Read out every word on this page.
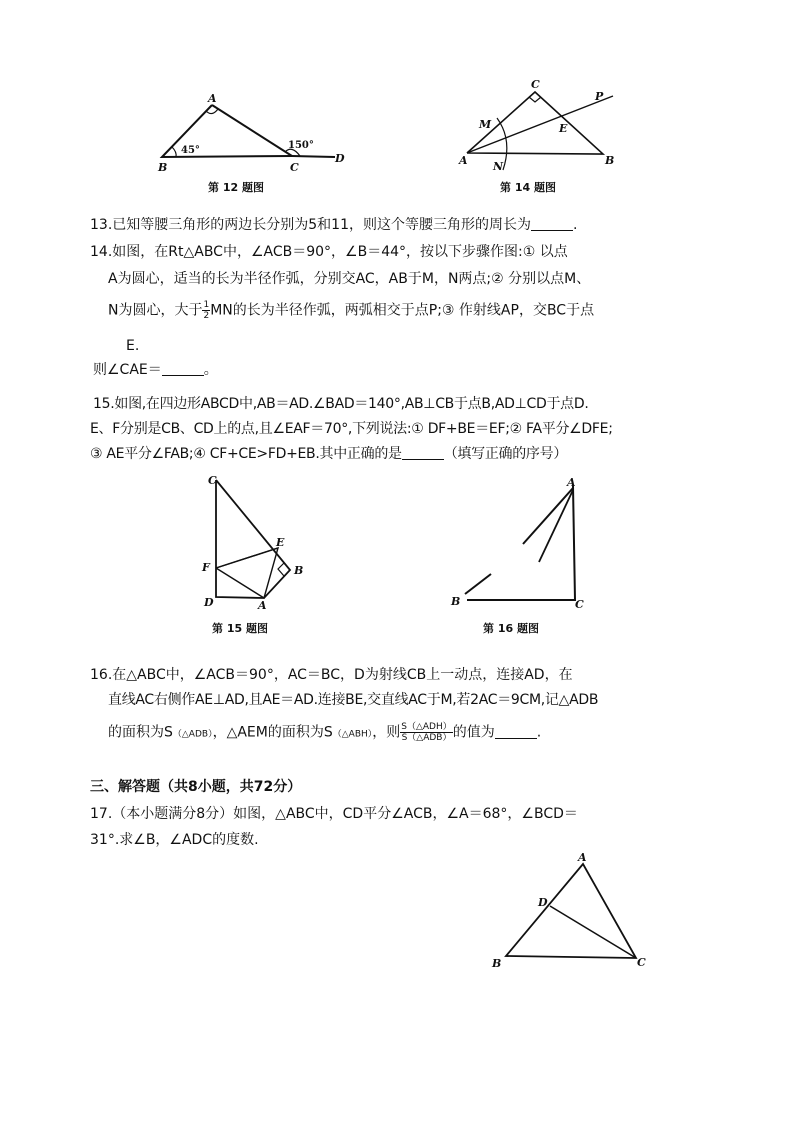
A
B	C
D
45°	150°
第 12 题图
C
P
M	E
A N	B
第 14 题图
13.已知等腰三角形的两边长分别为5和11，则这个等腰三角形的周长为	.
14.如图，在Rt△ABC中，∠ACB＝90°，∠B＝44°，按以下步骤作图:① 以点
A为圆心，适当的长为半径作弧，分别交AC，AB于M，N两点;② 分别以点M、
N为圆心，大于 $\frac{1}{2}$ MN的长为半径作弧，两弧相交于点P;③ 作射线AP，交BC于点
E.
则∠CAE＝	。
15.如图,在四边形ABCD中,AB＝AD.∠BAD＝140°,AB⊥CB于点B,AD⊥CD于点D.
E、F分别是CB、CD上的点,且∠EAF＝70°,下列说法:① DF+BE＝EF;② FA平分∠DFE;
③ AE平分∠FAB;④ CF+CE>FD+EB.其中正确的是	（填写正确的序号）
C
E
F	B
D	A
第 15 题图
A
B	C
第 16 题图
16.在△ABC中，∠ACB＝90°，AC＝BC，D为射线CB上一动点，连接AD，在
直线AC右侧作AE⊥AD,且AE＝AD.连接BE,交直线AC于M,若2AC＝9CM,记△ADB
的面积为S（△ADB），△AEM的面积为S（△ABH），则 $\frac{\text{S（△ADH）}}{\text{S（△ADB）}}$ 的值为	.
三、解答题（共8小题，共72分）
17.（本小题满分8分）如图，△ABC中，CD平分∠ACB，∠A＝68°，∠BCD＝
31°.求∠B，∠ADC的度数.
A
D
B	C
